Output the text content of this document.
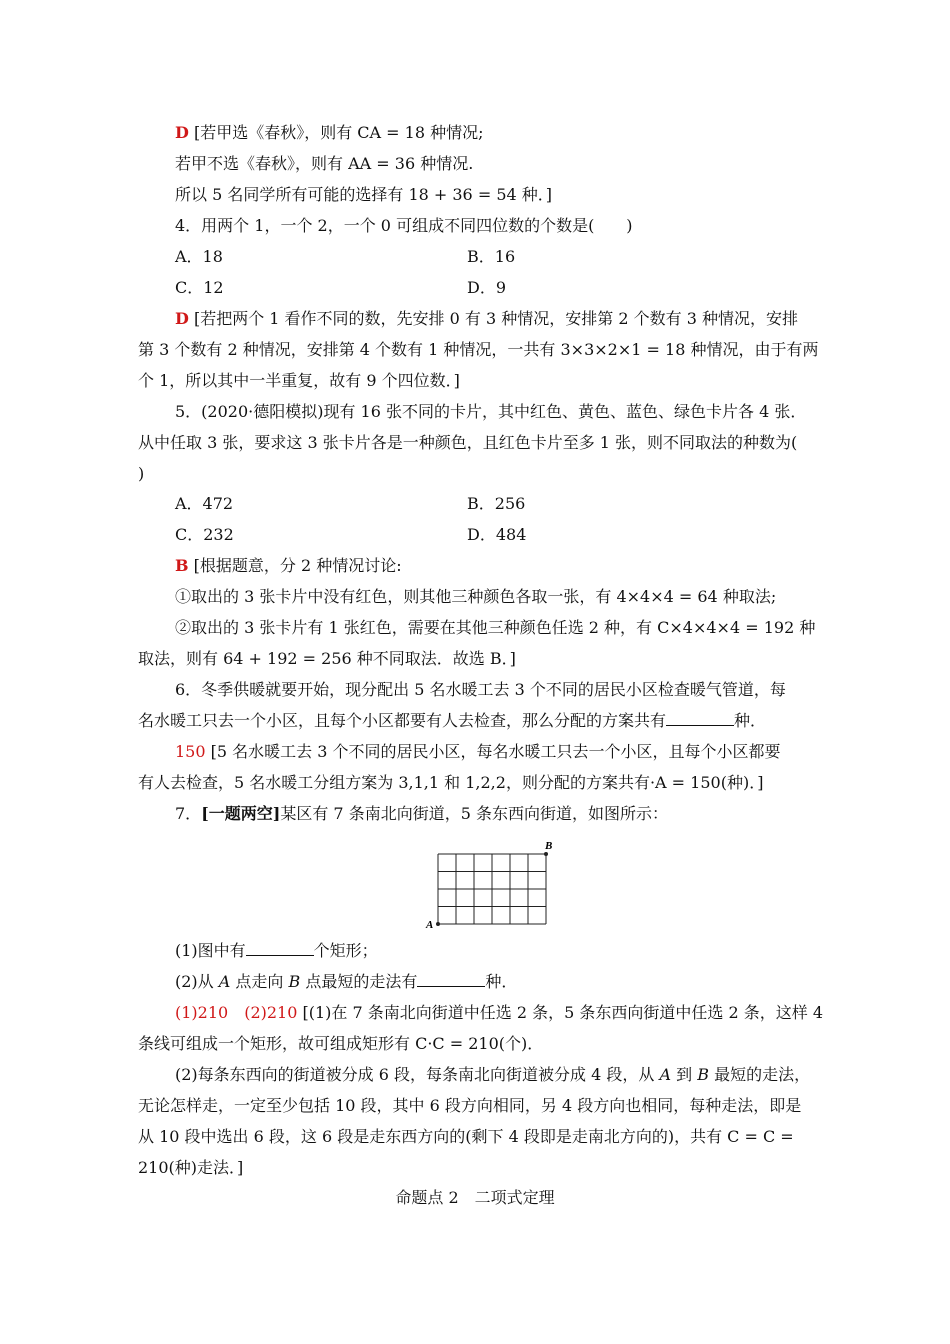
D [若甲选《春秋》，则有 CA = 18 种情况;
若甲不选《春秋》，则有 AA = 36 种情况.
所以 5 名同学所有可能的选择有 18 + 36 = 54 种．]
4．用两个 1，一个 2，一个 0 可组成不同四位数的个数是(　　)
A．18	B．16
C．12	D．9
D [若把两个 1 看作不同的数，先安排 0 有 3 种情况，安排第 2 个数有 3 种情况，安排
第 3 个数有 2 种情况，安排第 4 个数有 1 种情况，一共有 3×3×2×1 = 18 种情况，由于有两
个 1，所以其中一半重复，故有 9 个四位数．]
5．(2020·德阳模拟)现有 16 张不同的卡片，其中红色、黄色、蓝色、绿色卡片各 4 张．
从中任取 3 张，要求这 3 张卡片各是一种颜色，且红色卡片至多 1 张，则不同取法的种数为(
)
A．472	B．256
C．232	D．484
B [根据题意，分 2 种情况讨论:
①取出的 3 张卡片中没有红色，则其他三种颜色各取一张，有 4×4×4 = 64 种取法;
②取出的 3 张卡片有 1 张红色，需要在其他三种颜色任选 2 种，有 C×4×4×4 = 192 种
取法，则有 64 + 192 = 256 种不同取法．故选 B．]
6．冬季供暖就要开始，现分配出 5 名水暖工去 3 个不同的居民小区检查暖气管道，每
名水暖工只去一个小区，且每个小区都要有人去检查，那么分配的方案共有	种．
150 [5 名水暖工去 3 个不同的居民小区，每名水暖工只去一个小区，且每个小区都要
有人去检查，5 名水暖工分组方案为 3,1,1 和 1,2,2，则分配的方案共有·A = 150(种)．]
7．[一题两空]某区有 7 条南北向街道，5 条东西向街道，如图所示：
A
B
(1)图中有	个矩形；
(2)从 A 点走向 B 点最短的走法有	种．
(1)210　(2)210 [(1)在 7 条南北向街道中任选 2 条，5 条东西向街道中任选 2 条，这样 4
条线可组成一个矩形，故可组成矩形有 C·C = 210(个)．
(2)每条东西向的街道被分成 6 段，每条南北向街道被分成 4 段，从 A 到 B 最短的走法，
无论怎样走，一定至少包括 10 段，其中 6 段方向相同，另 4 段方向也相同，每种走法，即是
从 10 段中选出 6 段，这 6 段是走东西方向的(剩下 4 段即是走南北方向的)，共有 C = C =
210(种)走法．]
命题点 2　二项式定理
